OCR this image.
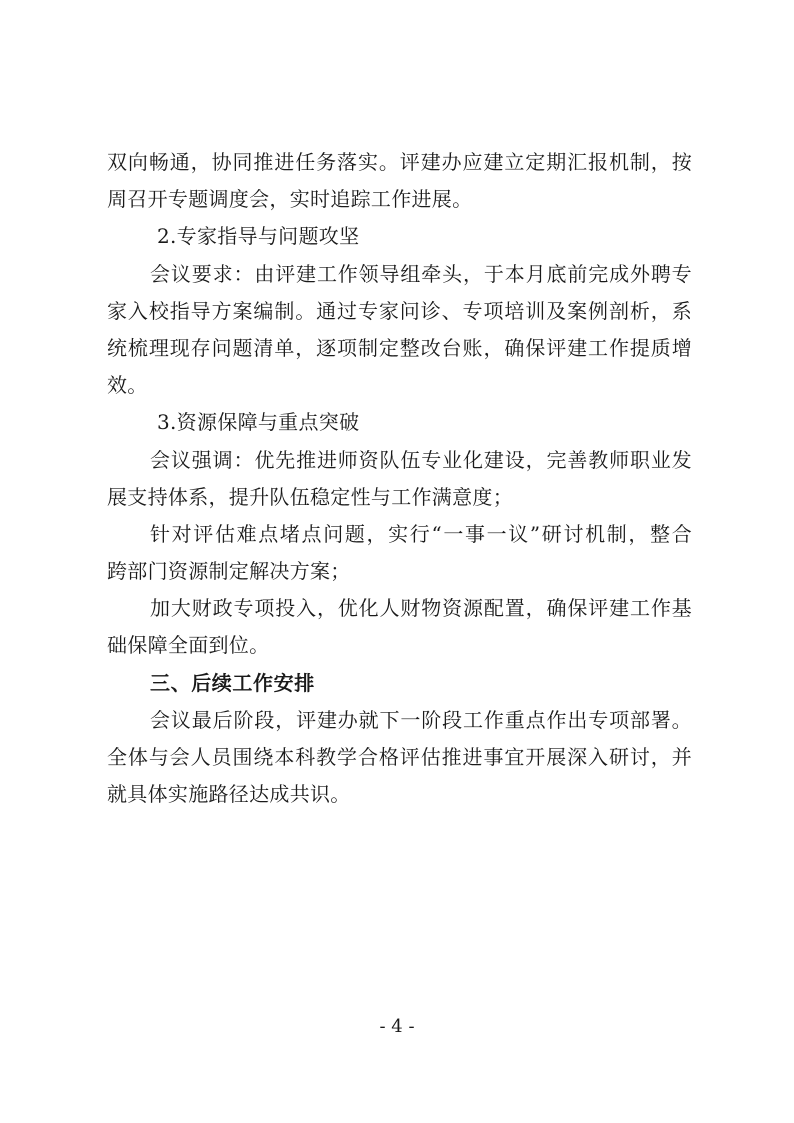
双向畅通，协同推进任务落实。评建办应建立定期汇报机制，按
周召开专题调度会，实时追踪工作进展。
2.专家指导与问题攻坚
会议要求：由评建工作领导组牵头，于本月底前完成外聘专
家入校指导方案编制。通过专家问诊、专项培训及案例剖析，系
统梳理现存问题清单，逐项制定整改台账，确保评建工作提质增
效。
3.资源保障与重点突破
会议强调：优先推进师资队伍专业化建设，完善教师职业发
展支持体系，提升队伍稳定性与工作满意度；
针对评估难点堵点问题，实行“一事一议”研讨机制，整合
跨部门资源制定解决方案；
加大财政专项投入，优化人财物资源配置，确保评建工作基
础保障全面到位。
三、后续工作安排
会议最后阶段，评建办就下一阶段工作重点作出专项部署。
全体与会人员围绕本科教学合格评估推进事宜开展深入研讨，并
就具体实施路径达成共识。
- 4 -
